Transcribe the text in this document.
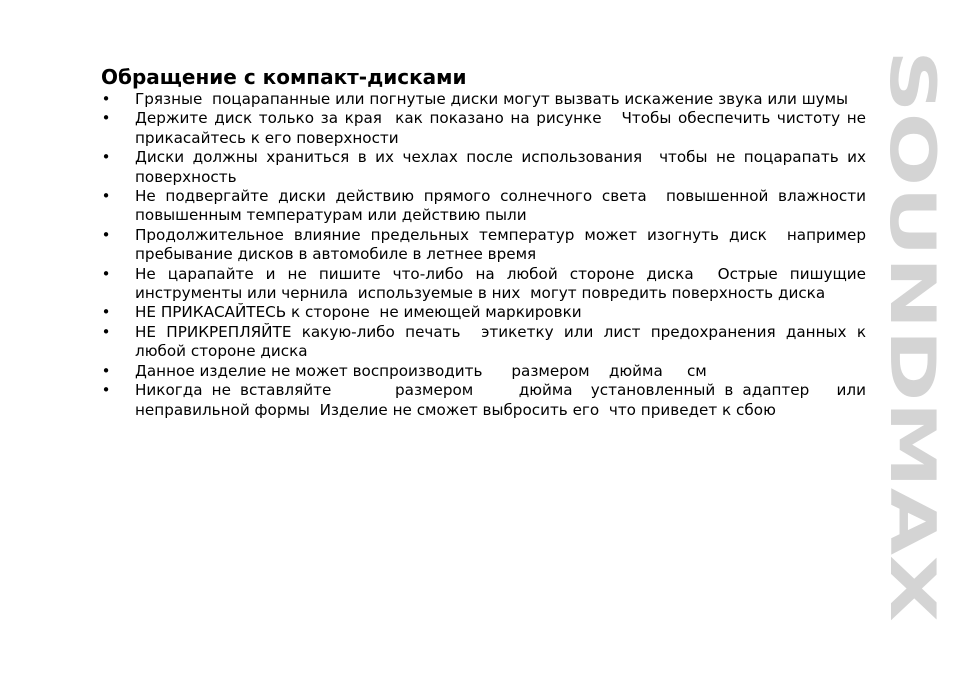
Обращение с компакт-дисками
• Грязные  поцарапанные или погнутые диски могут вызвать искажение звука или шумы
• Держите диск только за края  как показано на рисунке   Чтобы обеспечить чистоту не прикасайтесь к его поверхности
• Диски должны храниться в их чехлах после использования  чтобы не поцарапать их поверхность
• Не подвергайте диски действию прямого солнечного света  повышенной влажности повышенным температурам или действию пыли
• Продолжительное влияние предельных температур может изогнуть диск  например пребывание дисков в автомобиле в летнее время
• Не царапайте и не пишите что-либо на любой стороне диска  Острые пишущие инструменты или чернила  используемые в них  могут повредить поверхность диска
• НЕ ПРИКАСАЙТЕСЬ к стороне  не имеющей маркировки
• НЕ ПРИКРЕПЛЯЙТЕ какую-либо печать  этикетку или лист предохранения данных к любой стороне диска
• Данное изделие не может воспроизводить      размером    дюйма     см
• Никогда не вставляйте       размером     дюйма  установленный в адаптер   или неправильной формы  Изделие не сможет выбросить его  что приведет к сбою	SOUNDMAX
